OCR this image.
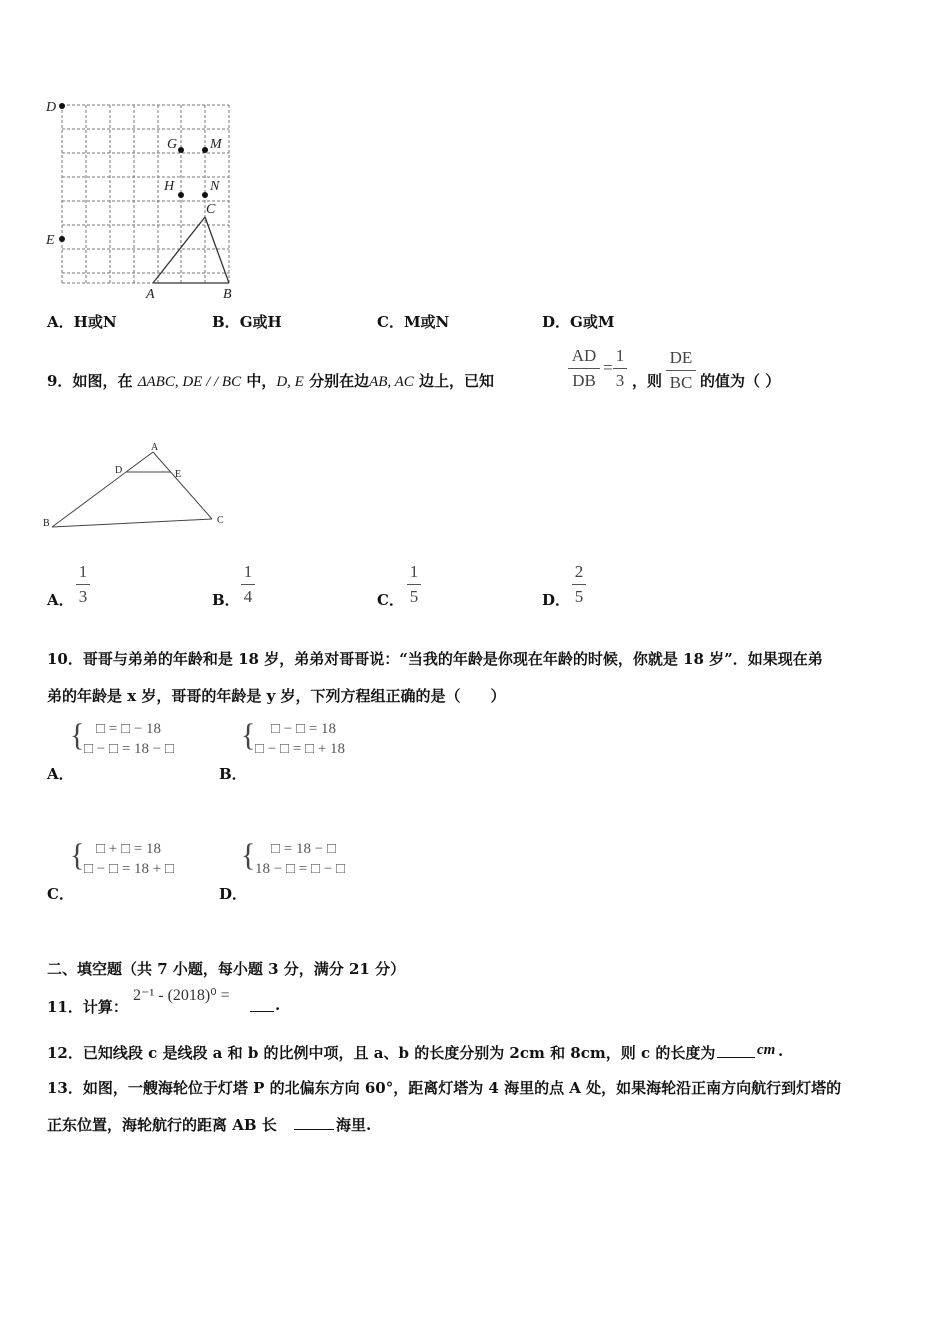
D
G M
H	N
C
E
A	B
A．H或N	B．G或H	C．M或N	D．G或M
9．如图，在 ΔABC, DE / / BC 中，D, E 分别在边AB, AC 边上，已知
AD
DB
=
1
3 ，则
DE
BC 的值为（ ）
A
D	E
B	C
A．
1
3	B．
1
4	C．
1
5	D．
2
5
10．哥哥与弟弟的年龄和是 18 岁，弟弟对哥哥说：“当我的年龄是你现在年龄的时候，你就是 18 岁”．如果现在弟
弟的年龄是 x 岁，哥哥的年龄是 y 岁，下列方程组正确的是（　　）
{ □ = □ − 18
□ − □ = 18 − □
A．
{	□ − □ = 18
□ − □ = □ + 18
B．
{ □ + □ = 18
□ − □ = 18 + □
C．
{	□ = 18 − □
18 − □ = □ − □
D．
二、填空题（共 7 小题，每小题 3 分，满分 21 分）
11．计算：
2⁻¹ - (2018)⁰ =
.
12．已知线段 c 是线段 a 和 b 的比例中项，且 a、b 的长度分别为 2cm 和 8cm，则 c 的长度为	cm .
13．如图，一艘海轮位于灯塔 P 的北偏东方向 60°，距离灯塔为 4 海里的点 A 处，如果海轮沿正南方向航行到灯塔的
正东位置，海轮航行的距离 AB 长	海里.
